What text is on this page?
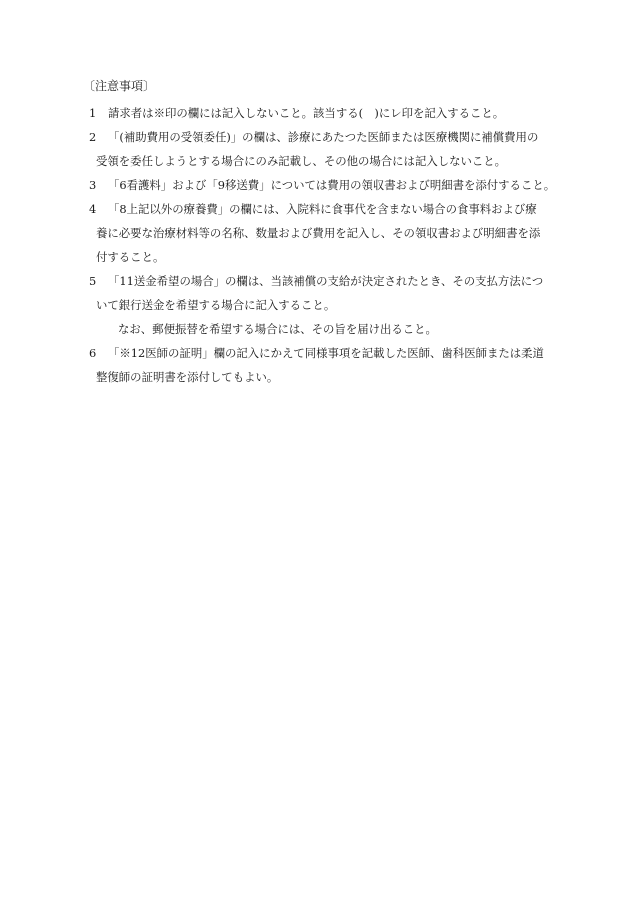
〔注意事項〕
1	請求者は※印の欄には記入しないこと。該当する(　)にレ印を記入すること。
2	「(補助費用の受領委任)」の欄は、診療にあたつた医師または医療機関に補償費用の
受領を委任しようとする場合にのみ記載し、その他の場合には記入しないこと。
3	「6看護料」および「9移送費」については費用の領収書および明細書を添付すること。
4	「8上記以外の療養費」の欄には、入院料に食事代を含まない場合の食事料および療
養に必要な治療材料等の名称、数量および費用を記入し、その領収書および明細書を添
付すること。
5	「11送金希望の場合」の欄は、当該補償の支給が決定されたとき、その支払方法につ
いて銀行送金を希望する場合に記入すること。
なお、郵便振替を希望する場合には、その旨を届け出ること。
6	「※12医師の証明」欄の記入にかえて同様事項を記載した医師、歯科医師または柔道
整復師の証明書を添付してもよい。
